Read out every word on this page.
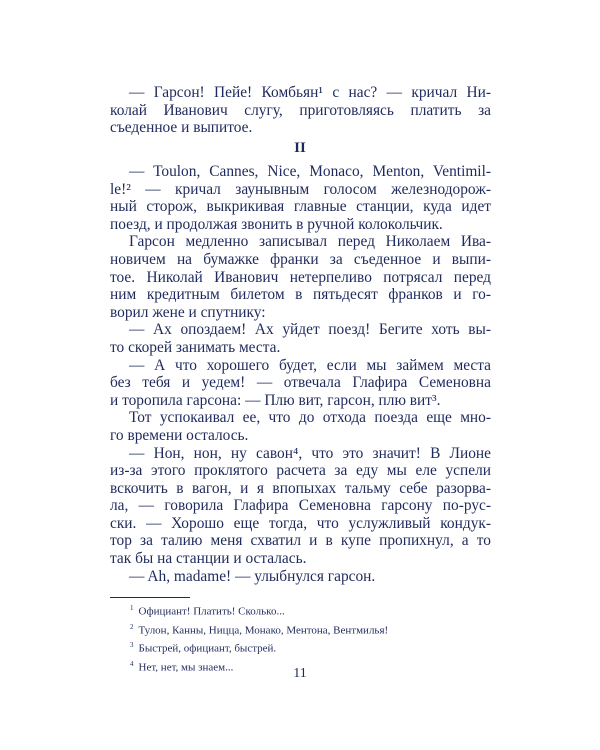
— Гарсон! Пейе! Комбьян¹ с нас? — кричал Ни-
колай Иванович слугу, приготовляясь платить за
съеденное и выпитое.
II
— Toulon, Cannes, Nice, Monaco, Menton, Ventimil-
le!² — кричал заунывным голосом железнодорож-
ный сторож, выкрикивая главные станции, куда идет
поезд, и продолжая звонить в ручной колокольчик.
Гарсон медленно записывал перед Николаем Ива-
новичем на бумажке франки за съеденное и выпи-
тое. Николай Иванович нетерпеливо потрясал перед
ним кредитным билетом в пятьдесят франков и го-
ворил жене и спутнику:
— Ах опоздаем! Ах уйдет поезд! Бегите хоть вы-
то скорей занимать места.
— А что хорошего будет, если мы займем места
без тебя и уедем! — отвечала Глафира Семеновна
и торопила гарсона: — Плю вит, гарсон, плю вит³.
Тот успокаивал ее, что до отхода поезда еще мно-
го времени осталось.
— Нон, нон, ну савон⁴, что это значит! В Лионе
из-за этого проклятого расчета за еду мы еле успели
вскочить в вагон, и я впопыхах тальму себе разорва-
ла, — говорила Глафира Семеновна гарсону по-рус-
ски. — Хорошо еще тогда, что услужливый кондук-
тор за талию меня схватил и в купе пропихнул, а то
так бы на станции и осталась.
— Ah, madame! — улыбнулся гарсон.
$^1$ Официант! Платить! Сколько...
$^2$ Тулон, Канны, Ницца, Монако, Ментона, Вентмилья!
$^3$ Быстрей, официант, быстрей.
$^4$ Нет, нет, мы знаем...	11
